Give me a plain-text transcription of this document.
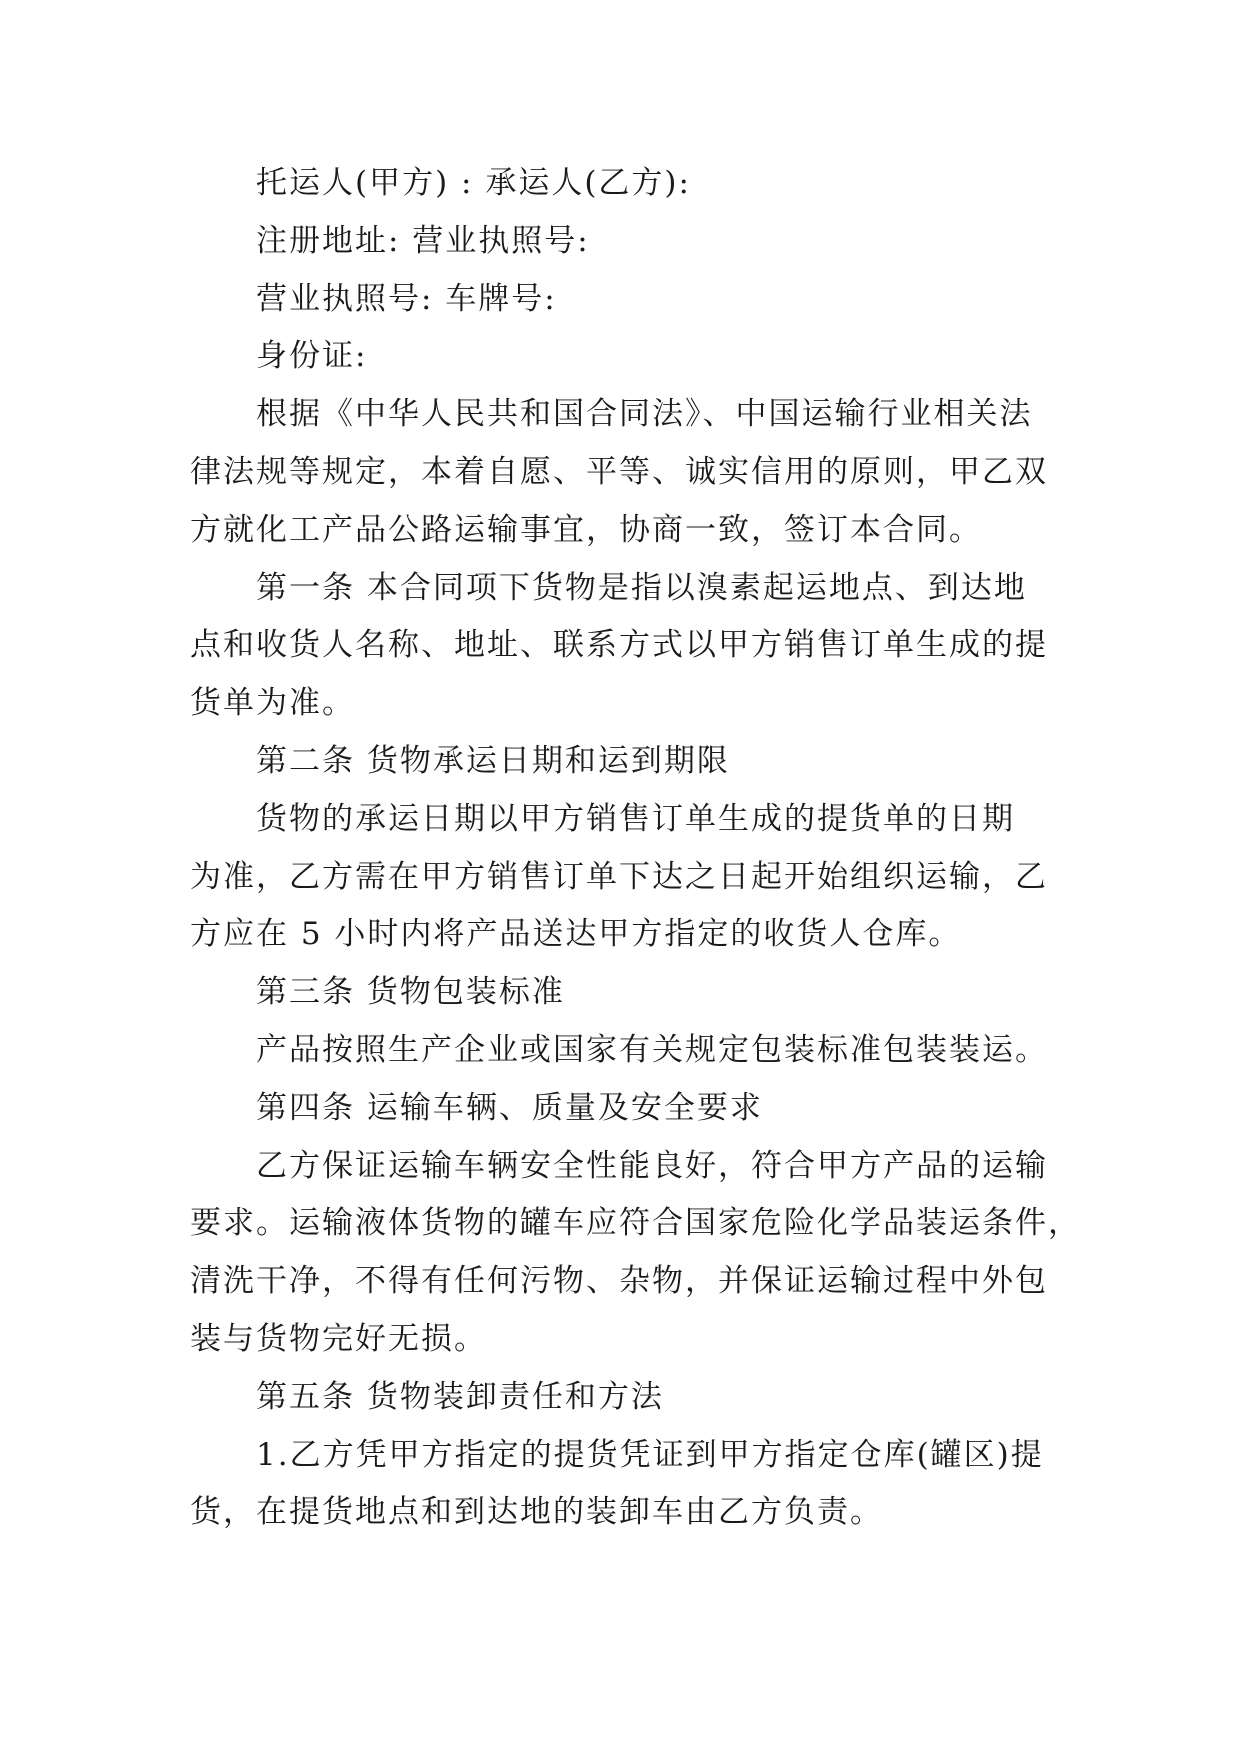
托运人(甲方) : 承运人(乙方):
注册地址: 营业执照号:
营业执照号: 车牌号:
身份证:
根据《中华人民共和国合同法》、中国运输行业相关法
律法规等规定，本着自愿、平等、诚实信用的原则，甲乙双
方就化工产品公路运输事宜，协商一致，签订本合同。
第一条 本合同项下货物是指以溴素起运地点、到达地
点和收货人名称、地址、联系方式以甲方销售订单生成的提
货单为准。
第二条 货物承运日期和运到期限
货物的承运日期以甲方销售订单生成的提货单的日期
为准，乙方需在甲方销售订单下达之日起开始组织运输，乙
方应在 5 小时内将产品送达甲方指定的收货人仓库。
第三条 货物包装标准
产品按照生产企业或国家有关规定包装标准包装装运。
第四条 运输车辆、质量及安全要求
乙方保证运输车辆安全性能良好，符合甲方产品的运输
要求。运输液体货物的罐车应符合国家危险化学品装运条件，
清洗干净，不得有任何污物、杂物，并保证运输过程中外包
装与货物完好无损。
第五条 货物装卸责任和方法
1.乙方凭甲方指定的提货凭证到甲方指定仓库(罐区)提
货，在提货地点和到达地的装卸车由乙方负责。
